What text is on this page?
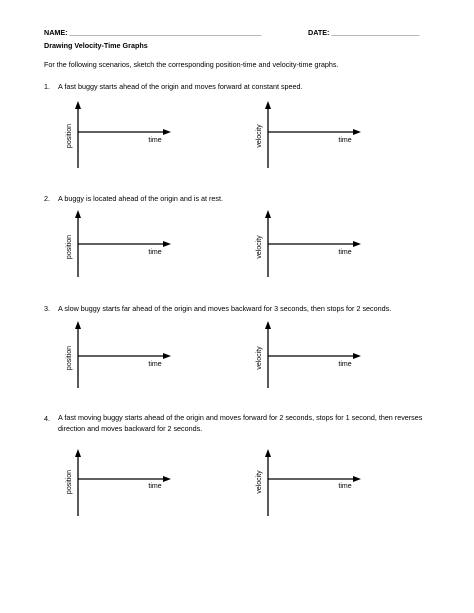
NAME: ________________________________________________	DATE: ______________________
Drawing Velocity-Time Graphs
For the following scenarios, sketch the corresponding position-time and velocity-time graphs.
1. A fast buggy starts ahead of the origin and moves forward at constant speed.
position	time	velocity	time
2. A buggy is located ahead of the origin and is at rest.
position	time	velocity	time
3. A slow buggy starts far ahead of the origin and moves backward for 3 seconds, then stops for 2 seconds.
position	time	velocity	time
4. A fast moving buggy starts ahead of the origin and moves forward for 2 seconds, stops for 1 second, then reverses direction and moves backward for 2 seconds.
position	time	velocity	time
